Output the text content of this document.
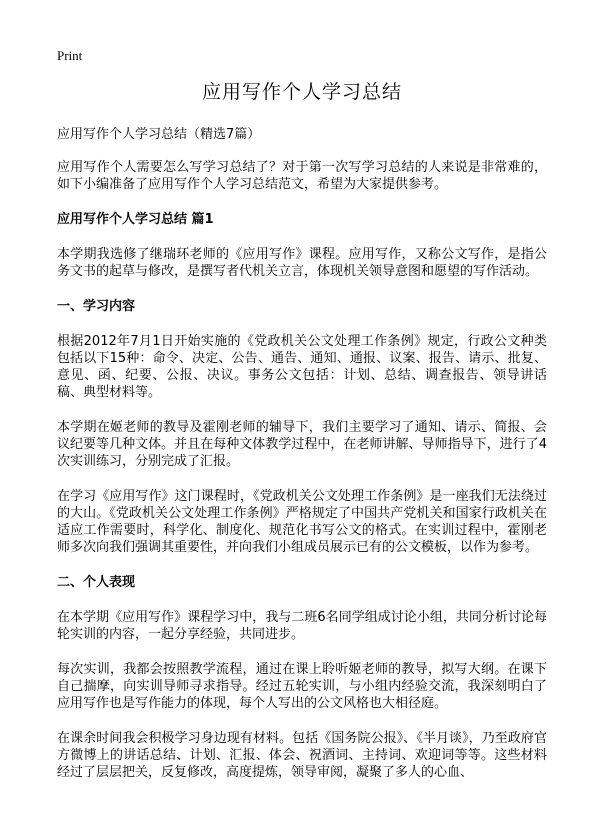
Print
应用写作个人学习总结

应用写作个人学习总结（精选7篇）

应用写作个人需要怎么写学习总结了？对于第一次写学习总结的人来说是非常难的，如下小编准备了应用写作个人学习总结范文，希望为大家提供参考。

应用写作个人学习总结 篇1

本学期我选修了继瑞环老师的《应用写作》课程。应用写作，又称公文写作，是指公务文书的起草与修改，是撰写者代机关立言，体现机关领导意图和愿望的写作活动。

一、学习内容

根据2012年7月1日开始实施的《党政机关公文处理工作条例》规定，行政公文种类包括以下15种：命令、决定、公告、通告、通知、通报、议案、报告、请示、批复、意见、函、纪要、公报、决议。事务公文包括：计划、总结、调查报告、领导讲话稿、典型材料等。

本学期在姬老师的教导及霍刚老师的辅导下，我们主要学习了通知、请示、简报、会议纪要等几种文体。并且在每种文体教学过程中，在老师讲解、导师指导下，进行了4次实训练习，分别完成了汇报。

在学习《应用写作》这门课程时，《党政机关公文处理工作条例》是一座我们无法绕过的大山。《党政机关公文处理工作条例》严格规定了中国共产党机关和国家行政机关在适应工作需要时，科学化、制度化、规范化书写公文的格式。在实训过程中，霍刚老师多次向我们强调其重要性，并向我们小组成员展示已有的公文模板，以作为参考。

二、个人表现

在本学期《应用写作》课程学习中，我与二班6名同学组成讨论小组，共同分析讨论每轮实训的内容，一起分享经验，共同进步。

每次实训，我都会按照教学流程，通过在课上聆听姬老师的教导，拟写大纲。在课下自己揣摩，向实训导师寻求指导。经过五轮实训，与小组内经验交流，我深刻明白了应用写作也是写作能力的体现，每个人写出的公文风格也大相径庭。

在课余时间我会积极学习身边现有材料。包括《国务院公报》、《半月谈》，乃至政府官方微博上的讲话总结、计划、汇报、体会、祝酒词、主持词、欢迎词等等。这些材料经过了层层把关，反复修改，高度提炼，领导审阅，凝聚了多人的心血、
